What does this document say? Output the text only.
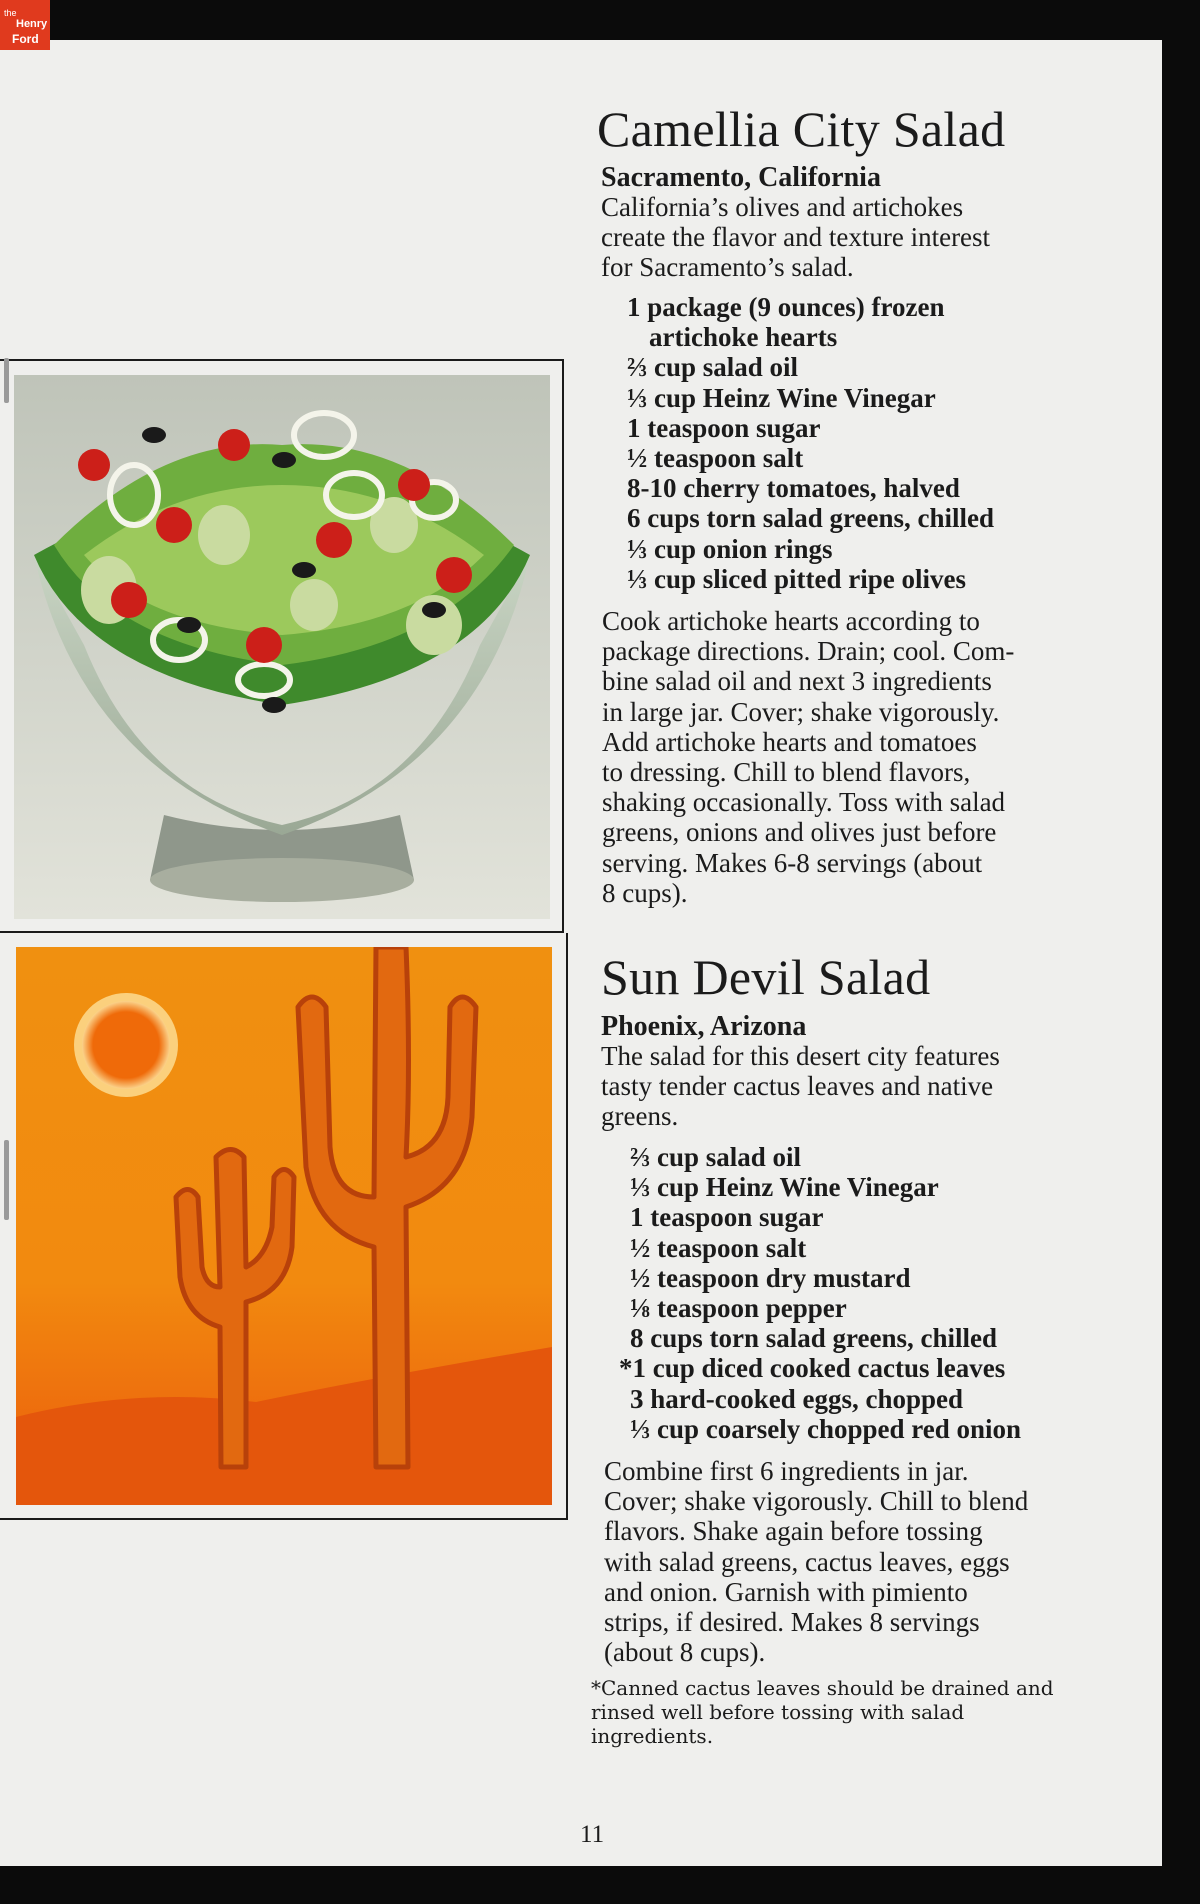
Camellia City Salad
Sacramento, California

California’s olives and artichokes
create the flavor and texture interest
for Sacramento’s salad.

1 package (9 ounces) frozen
artichoke hearts
⅔ cup salad oil
⅓ cup Heinz Wine Vinegar
1 teaspoon sugar
½ teaspoon salt
8-10 cherry tomatoes, halved
6 cups torn salad greens, chilled
⅓ cup onion rings
⅓ cup sliced pitted ripe olives

Cook artichoke hearts according to
package directions. Drain; cool. Com-
bine salad oil and next 3 ingredients
in large jar. Cover; shake vigorously.
Add artichoke hearts and tomatoes
to dressing. Chill to blend flavors,
shaking occasionally. Toss with salad
greens, onions and olives just before
serving. Makes 6-8 servings (about
8 cups).

Sun Devil Salad
Phoenix, Arizona

The salad for this desert city features
tasty tender cactus leaves and native
greens.

⅔ cup salad oil
⅓ cup Heinz Wine Vinegar
1 teaspoon sugar
½ teaspoon salt
½ teaspoon dry mustard
⅛ teaspoon pepper
8 cups torn salad greens, chilled
*1 cup diced cooked cactus leaves
3 hard-cooked eggs, chopped
⅓ cup coarsely chopped red onion

Combine first 6 ingredients in jar.
Cover; shake vigorously. Chill to blend
flavors. Shake again before tossing
with salad greens, cactus leaves, eggs
and onion. Garnish with pimiento
strips, if desired. Makes 8 servings
(about 8 cups).

*Canned cactus leaves should be drained and
rinsed well before tossing with salad
ingredients.

11
the
Henry
Ford
